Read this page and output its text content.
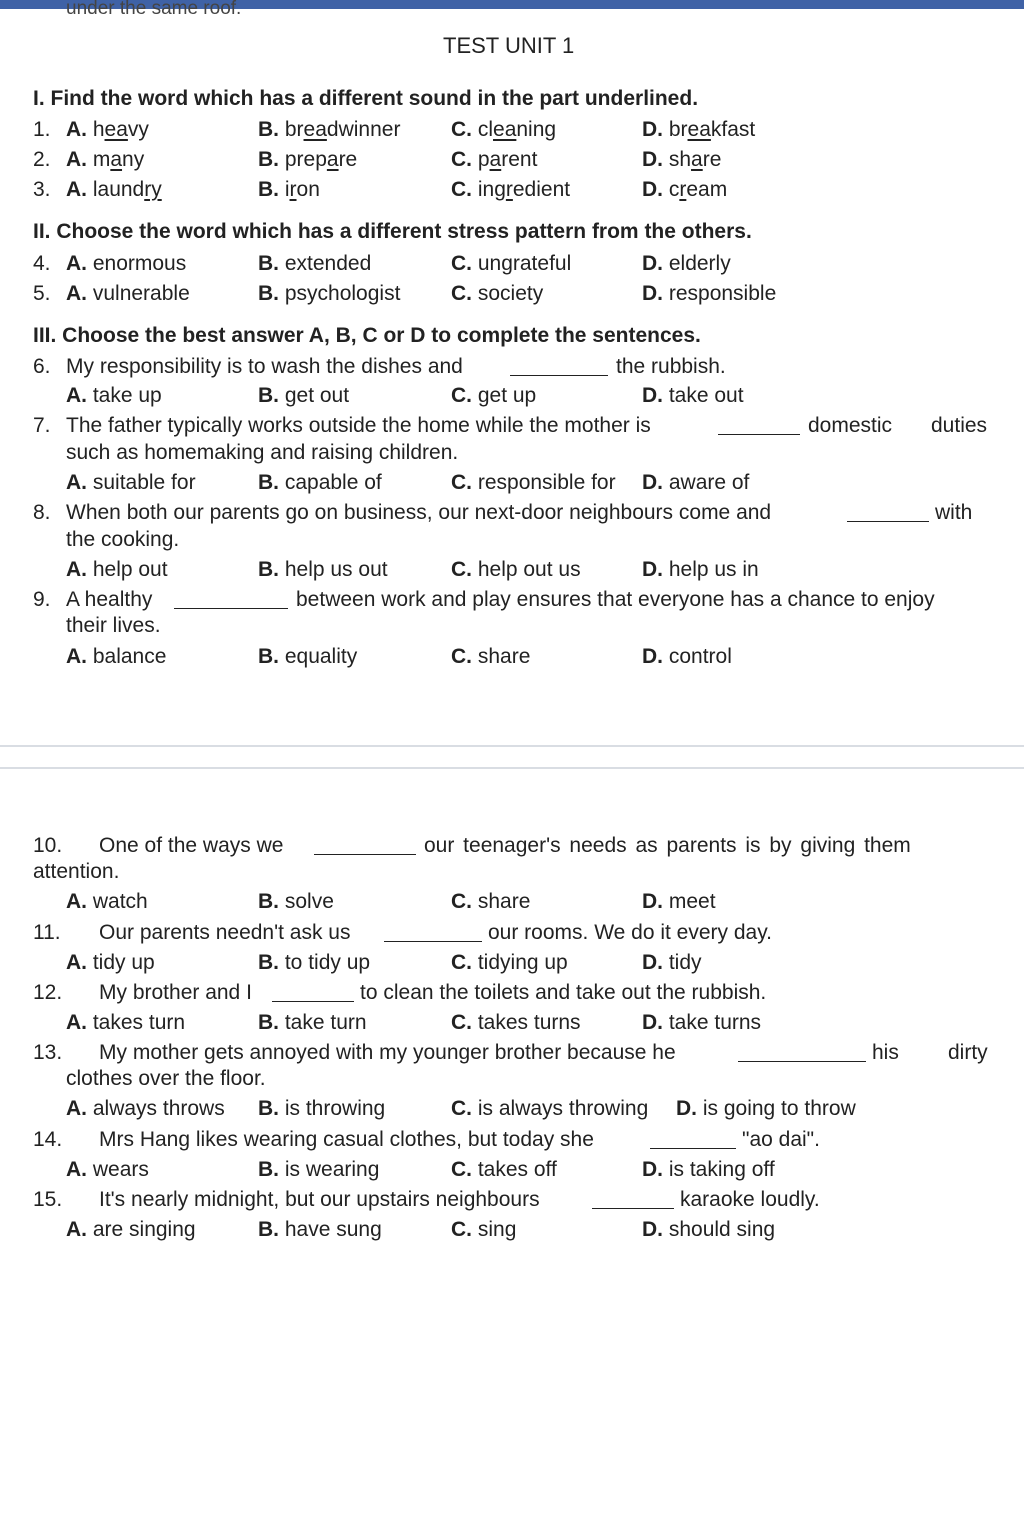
under the same roof.
TEST UNIT 1
I. Find the word which has a different sound in the part underlined.
1. A. heavy	B. breadwinner C. cleaning	D. breakfast
2. A. many	B. prepare	C. parent	D. share
3. A. laundry	B. iron	C. ingredient	D. cream
II. Choose the word which has a different stress pattern from the others.
4. A. enormous	B. extended	C. ungrateful	D. elderly
5. A. vulnerable	B. psychologist C. society	D. responsible
III. Choose the best answer A, B, C or D to complete the sentences.
6. My responsibility is to wash the dishes and	the rubbish.
A. take up	B. get out	C. get up	D. take out
7. The father typically works outside the home while the mother is	domestic duties
such as homemaking and raising children.
A. suitable for	B. capable of	C. responsible for D. aware of
8. When both our parents go on business, our next-door neighbours come and	with
the cooking.
A. help out	B. help us out	C. help out us	D. help us in
9. A healthy	between work and play ensures that everyone has a chance to enjoy
their lives.
A. balance	B. equality	C. share	D. control
10. One of the ways we	our teenager's needs as parents is by giving them
attention.
A. watch	B. solve	C. share	D. meet
11. Our parents needn't ask us	our rooms. We do it every day.
A. tidy up	B. to tidy up	C. tidying up	D. tidy
12. My brother and I	to clean the toilets and take out the rubbish.
A. takes turn	B. take turn	C. takes turns	D. take turns
13. My mother gets annoyed with my younger brother because he	his dirty
clothes over the floor.
A. always throws B. is throwing	C. is always throwing D. is going to throw
14. Mrs Hang likes wearing casual clothes, but today she	"ao dai".
A. wears	B. is wearing	C. takes off	D. is taking off
15. It's nearly midnight, but our upstairs neighbours	karaoke loudly.
A. are singing	B. have sung	C. sing	D. should sing
